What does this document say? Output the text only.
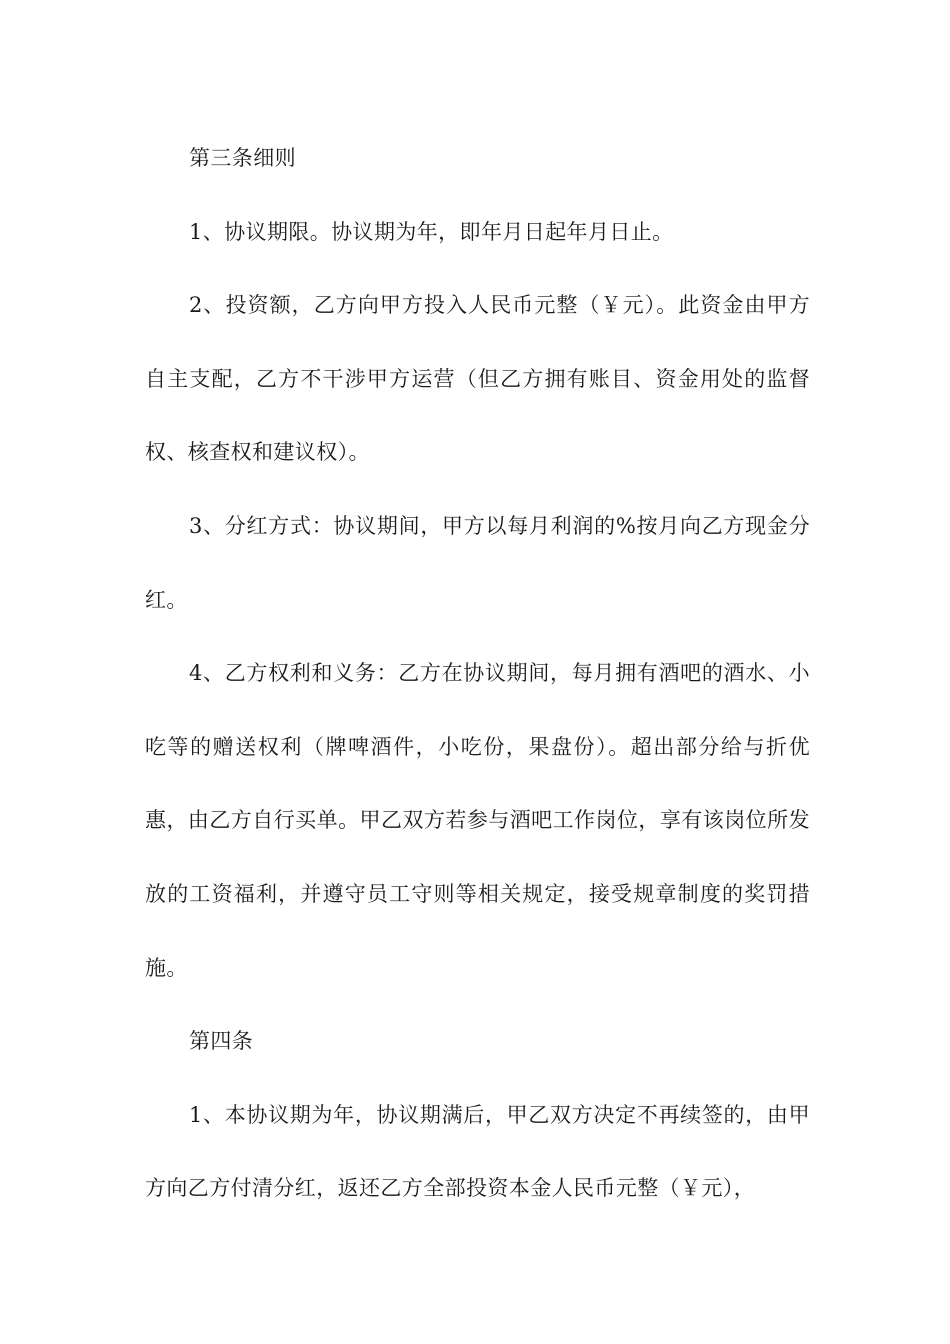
第三条细则

1、协议期限。协议期为年，即年月日起年月日止。

2、投资额，乙方向甲方投入人民币元整（￥元）。此资金由甲方自主支配，乙方不干涉甲方运营（但乙方拥有账目、资金用处的监督权、核查权和建议权）。

3、分红方式：协议期间，甲方以每月利润的%按月向乙方现金分红。

4、乙方权利和义务：乙方在协议期间，每月拥有酒吧的酒水、小吃等的赠送权利（牌啤酒件，小吃份，果盘份）。超出部分给与折优惠，由乙方自行买单。甲乙双方若参与酒吧工作岗位，享有该岗位所发放的工资福利，并遵守员工守则等相关规定，接受规章制度的奖罚措施。

第四条

1、本协议期为年，协议期满后，甲乙双方决定不再续签的，由甲方向乙方付清分红，返还乙方全部投资本金人民币元整（￥元），
